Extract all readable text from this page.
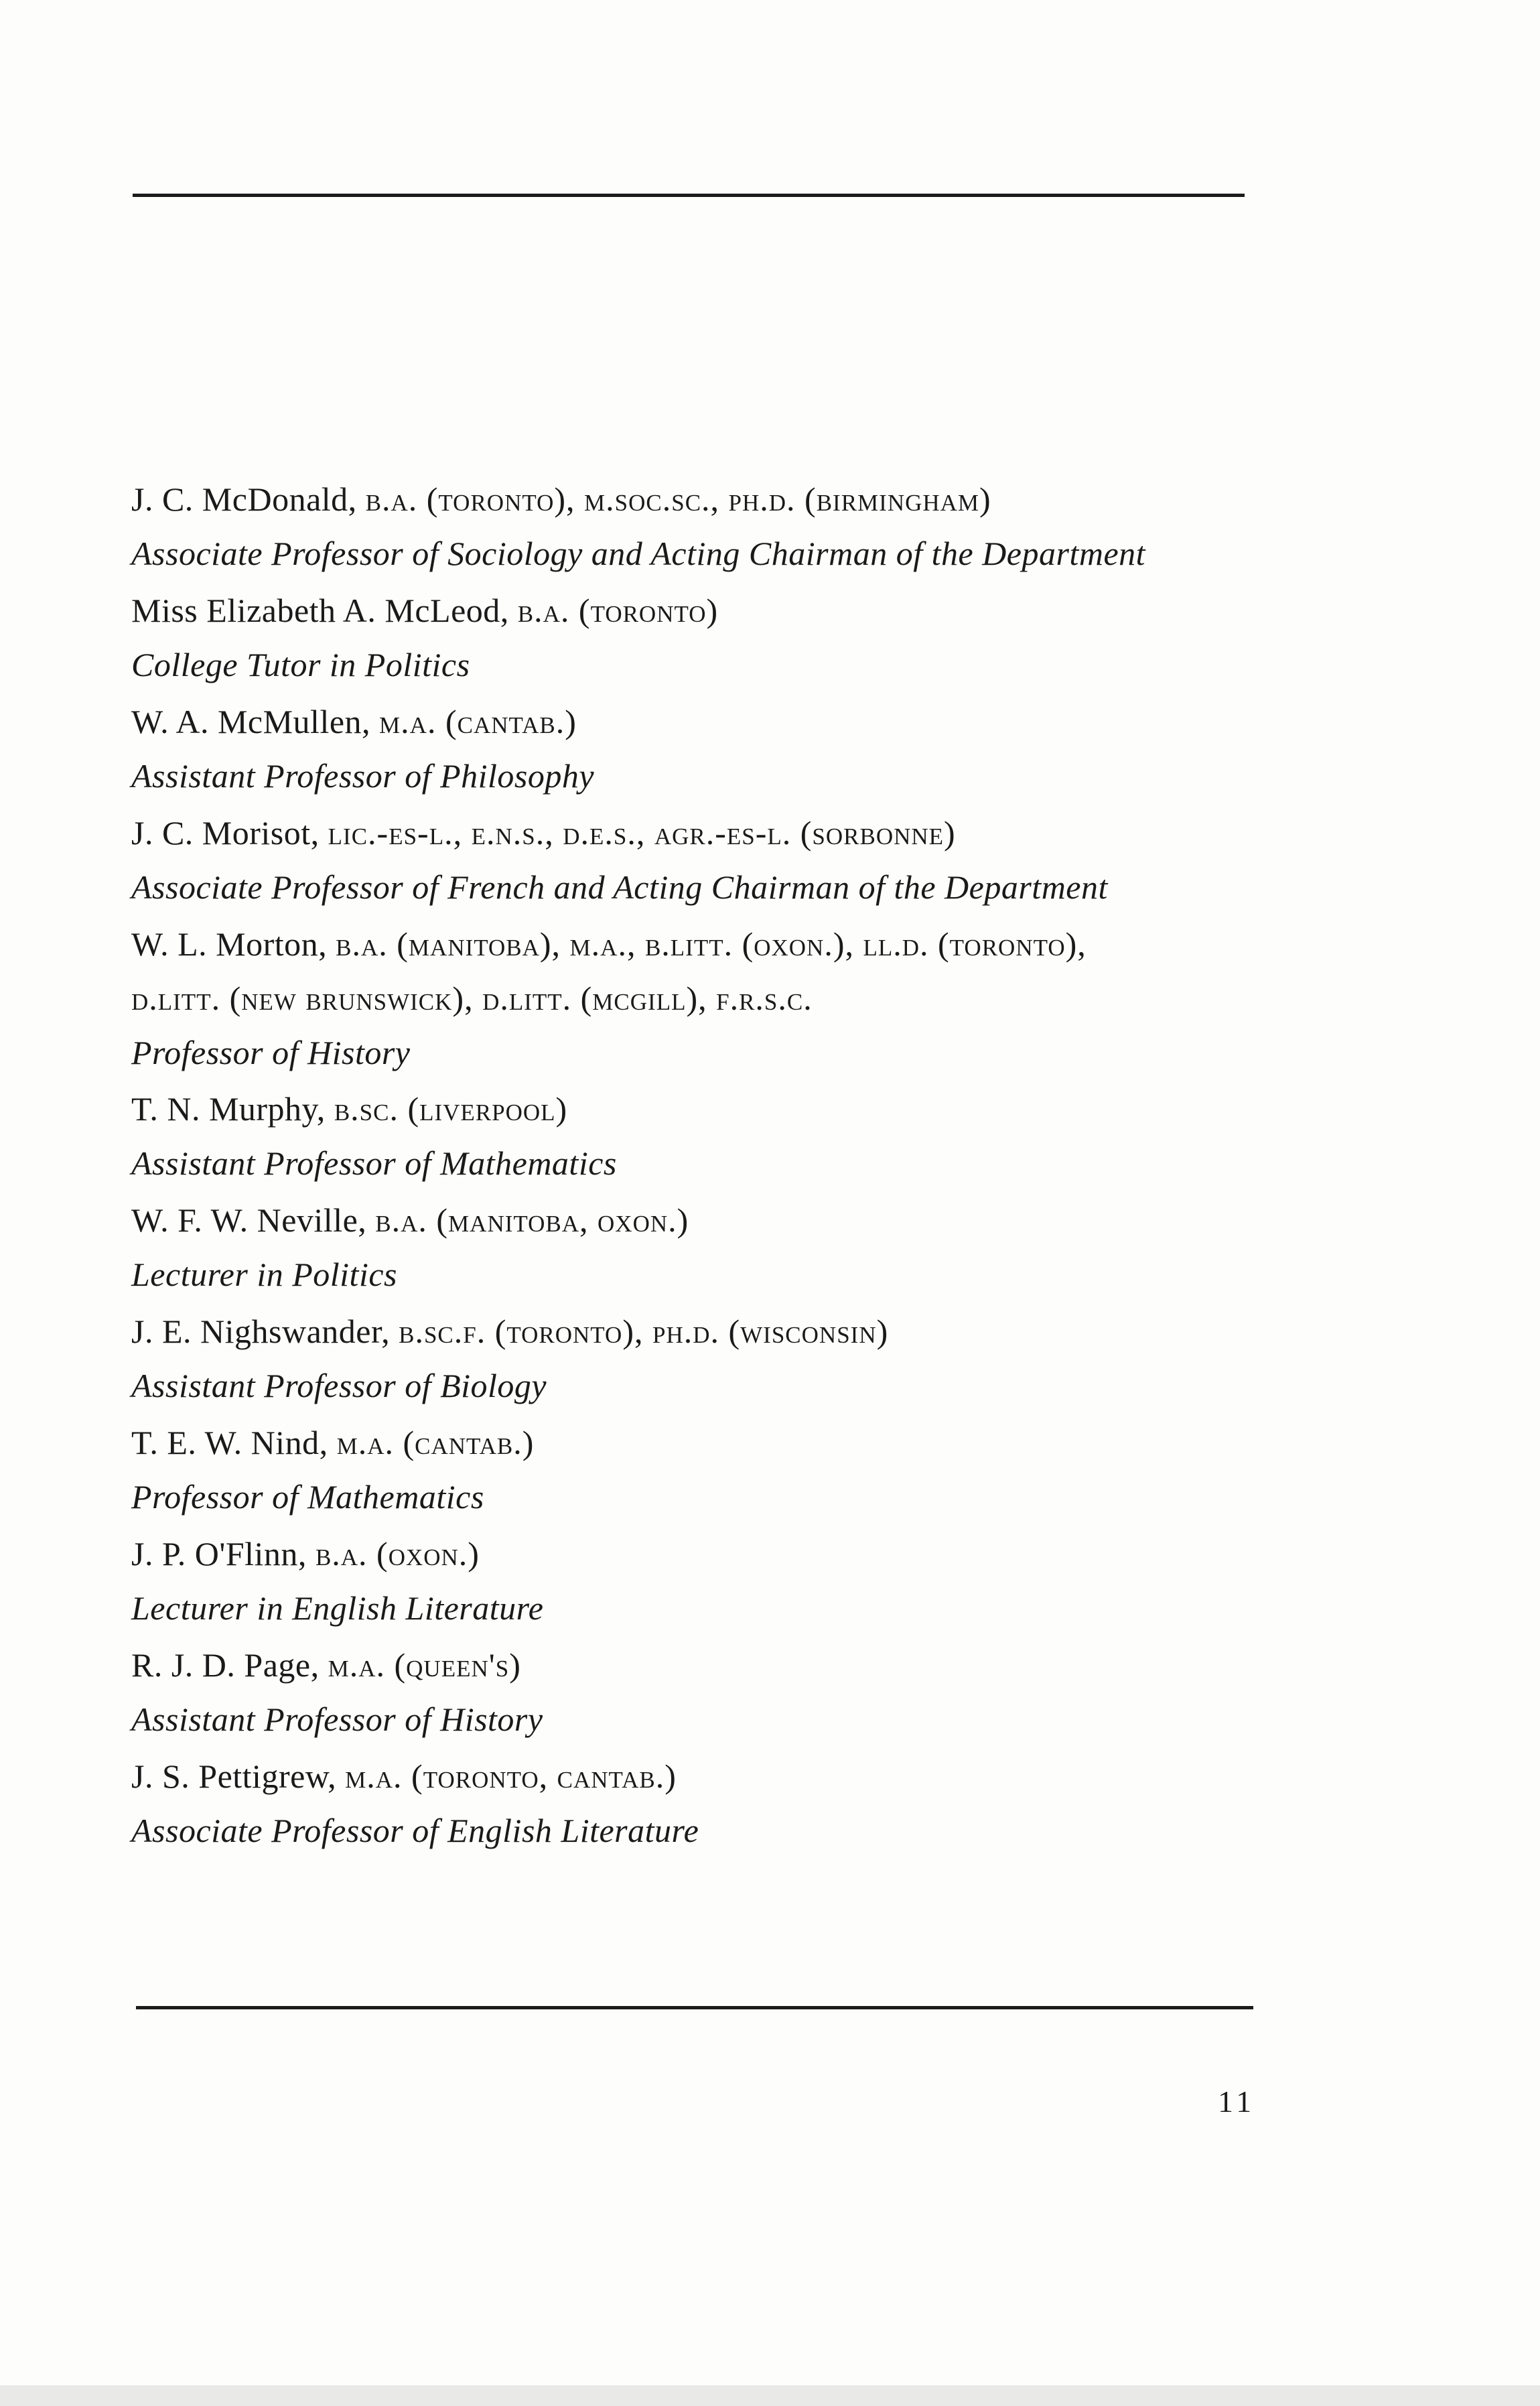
J. C. McDonald, b.a. (toronto), m.soc.sc., ph.d. (birmingham)
Associate Professor of Sociology and Acting Chairman of the Department
Miss Elizabeth A. McLeod, b.a. (toronto)
College Tutor in Politics
W. A. McMullen, m.a. (cantab.)
Assistant Professor of Philosophy
J. C. Morisot, lic.-es-l., e.n.s., d.e.s., agr.-es-l. (sorbonne)
Associate Professor of French and Acting Chairman of the Department
W. L. Morton, b.a. (manitoba), m.a., b.litt. (oxon.), ll.d. (toronto),
d.litt. (new brunswick), d.litt. (mcgill), f.r.s.c.
Professor of History
T. N. Murphy, b.sc. (liverpool)
Assistant Professor of Mathematics
W. F. W. Neville, b.a. (manitoba, oxon.)
Lecturer in Politics
J. E. Nighswander, b.sc.f. (toronto), ph.d. (wisconsin)
Assistant Professor of Biology
T. E. W. Nind, m.a. (cantab.)
Professor of Mathematics
J. P. O'Flinn, b.a. (oxon.)
Lecturer in English Literature
R. J. D. Page, m.a. (queen's)
Assistant Professor of History
J. S. Pettigrew, m.a. (toronto, cantab.)
Associate Professor of English Literature
11
